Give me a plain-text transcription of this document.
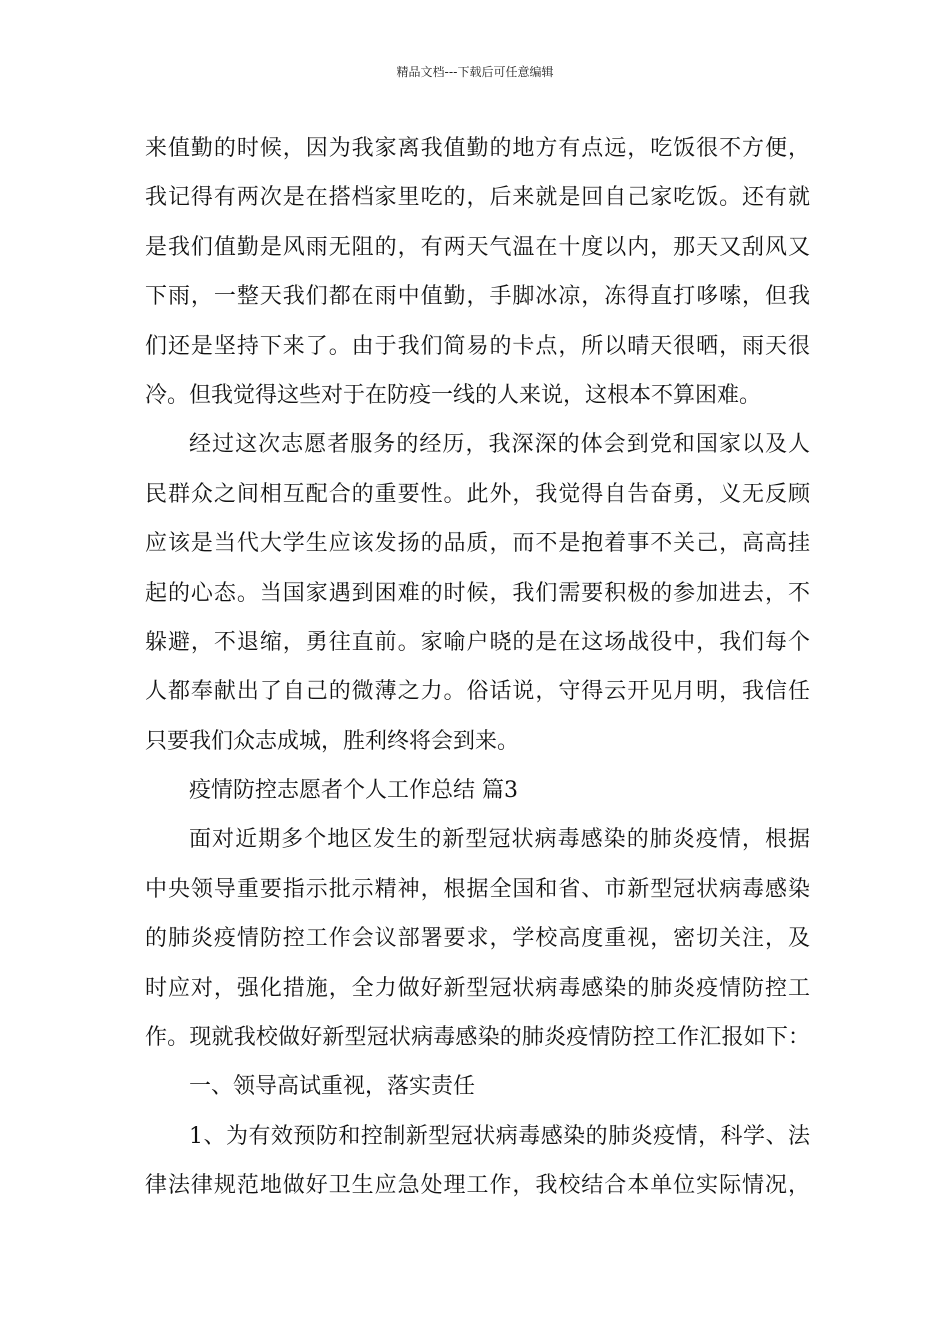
精品文档---下载后可任意编辑
来值勤的时候，因为我家离我值勤的地方有点远，吃饭很不方便，
我记得有两次是在搭档家里吃的，后来就是回自己家吃饭。还有就
是我们值勤是风雨无阻的，有两天气温在十度以内，那天又刮风又
下雨，一整天我们都在雨中值勤，手脚冰凉，冻得直打哆嗦，但我
们还是坚持下来了。由于我们简易的卡点，所以晴天很晒，雨天很
冷。但我觉得这些对于在防疫一线的人来说，这根本不算困难。
经过这次志愿者服务的经历，我深深的体会到党和国家以及人
民群众之间相互配合的重要性。此外，我觉得自告奋勇，义无反顾
应该是当代大学生应该发扬的品质，而不是抱着事不关己，高高挂
起的心态。当国家遇到困难的时候，我们需要积极的参加进去，不
躲避，不退缩，勇往直前。家喻户晓的是在这场战役中，我们每个
人都奉献出了自己的微薄之力。俗话说，守得云开见月明，我信任
只要我们众志成城，胜利终将会到来。
疫情防控志愿者个人工作总结 篇3
面对近期多个地区发生的新型冠状病毒感染的肺炎疫情，根据
中央领导重要指示批示精神，根据全国和省、市新型冠状病毒感染
的肺炎疫情防控工作会议部署要求，学校高度重视，密切关注，及
时应对，强化措施，全力做好新型冠状病毒感染的肺炎疫情防控工
作。现就我校做好新型冠状病毒感染的肺炎疫情防控工作汇报如下：
一、领导高试重视，落实责任
1、为有效预防和控制新型冠状病毒感染的肺炎疫情，科学、法
律法律规范地做好卫生应急处理工作，我校结合本单位实际情况，
